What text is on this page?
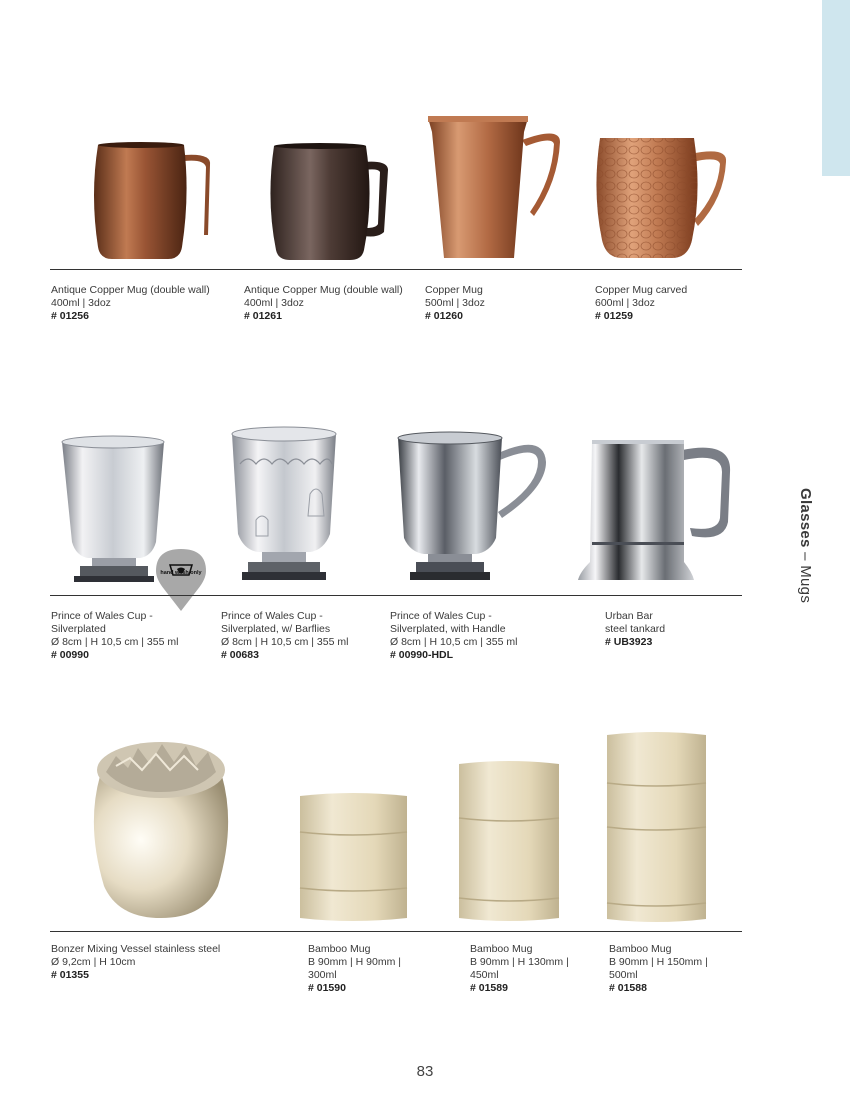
Glasses – Mugs
Antique Copper Mug (double wall)
400ml | 3doz
# 01256
Antique Copper Mug (double wall)
400ml | 3doz
# 01261
Copper Mug
500ml | 3doz
# 01260
Copper Mug carved
600ml | 3doz
# 01259
hand wash only
Prince of Wales Cup -
Silverplated
Ø 8cm | H 10,5 cm | 355 ml
# 00990
Prince of Wales Cup -
Silverplated, w/ Barflies
Ø 8cm | H 10,5 cm | 355 ml
# 00683
Prince of Wales Cup -
Silverplated, with Handle
Ø 8cm | H 10,5 cm | 355 ml
# 00990-HDL
Urban Bar
steel tankard
# UB3923
Bonzer Mixing Vessel stainless steel
Ø 9,2cm | H 10cm
# 01355
Bamboo Mug
B 90mm | H 90mm |
300ml
# 01590
Bamboo Mug
B 90mm | H 130mm |
450ml
# 01589
Bamboo Mug
B 90mm | H 150mm |
500ml
# 01588
83
